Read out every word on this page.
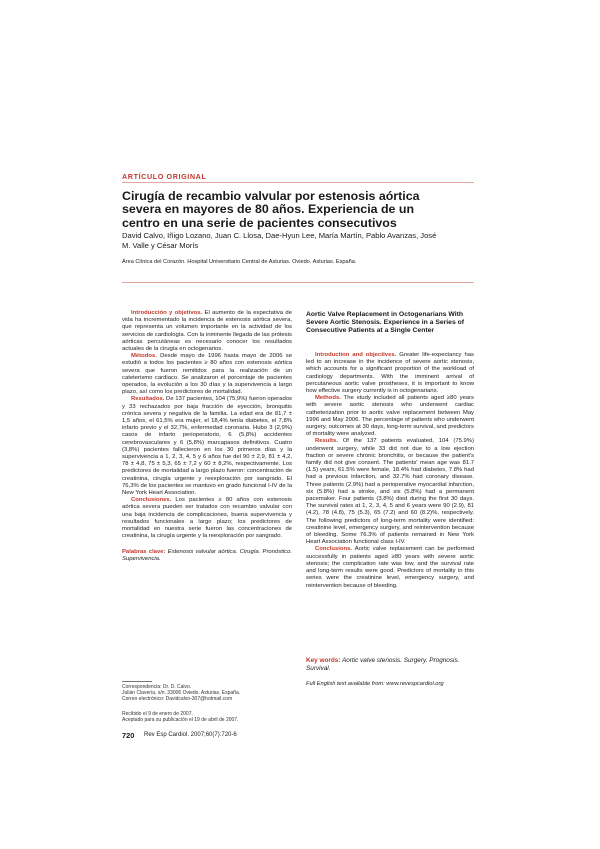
ARTÍCULO ORIGINAL
Cirugía de recambio valvular por estenosis aórtica severa en mayores de 80 años. Experiencia de un centro en una serie de pacientes consecutivos
David Calvo, Iñigo Lozano, Juan C. Llosa, Dae-Hyun Lee, María Martín, Pablo Avanzas, José M. Valle y César Morís
Área Clínica del Corazón. Hospital Universitario Central de Asturias. Oviedo. Asturias. España.

Introducción y objetivos. El aumento de la expectativa de vida ha incrementado la incidencia de estenosis aórtica severa, que representa un volumen importante en la actividad de los servicios de cardiología. Con la inminente llegada de las prótesis aórticas percutáneas es necesario conocer los resultados actuales de la cirugía en octogenarios.

Métodos. Desde mayo de 1996 hasta mayo de 2006 se estudió a todos los pacientes ≥ 80 años con estenosis aórtica severa que fueron remitidos para la realización de un cateterismo cardiaco. Se analizaron el porcentaje de pacientes operados, la evolución a los 30 días y la supervivencia a largo plazo, así como los predictores de mortalidad.

Resultados. De 137 pacientes, 104 (75,9%) fueron operados y 33 rechazados por baja fracción de eyección, bronquitis crónica severa y negativa de la familia. La edad era de 81,7 ± 1,5 años, el 61,5% era mujer, el 18,4% tenía diabetes, el 7,8% infarto previo y el 32,7%, enfermedad coronaria. Hubo 3 (2,9%) casos de infarto perioperatorio, 6 (5,8%) accidentes cerebrovasculares y 6 (5,8%) marcapasos definitivos. Cuatro (3,8%) pacientes fallecieron en los 30 primeros días y la supervivencia a 1, 2, 3, 4, 5 y 6 años fue del 90 ± 2,9, 81 ± 4,2, 78 ± 4,8, 75 ± 5,3, 65 ± 7,2 y 60 ± 8,2%, respectivamente. Los predictores de mortalidad a largo plazo fueron: concentración de creatinina, cirugía urgente y reexploración por sangrado. El 76,3% de los pacientes se mantuvo en grado funcional I-IV de la New York Heart Association.

Conclusiones. Los pacientes ≥ 80 años con estenosis aórtica severa pueden ser tratados con recambio valvular con una baja incidencia de complicaciones, buena supervivencia y resultados funcionales a largo plazo; los predictores de mortalidad en nuestra serie fueron las concentraciones de creatinina, la cirugía urgente y la reexploración por sangrado.

Palabras clave: Estenosis valvular aórtica. Cirugía. Pronóstico. Supervivencia.

Aortic Valve Replacement in Octogenarians With Severe Aortic Stenosis. Experience in a Series of Consecutive Patients at a Single Center

Introduction and objectives. Greater life-expectancy has led to an increase in the incidence of severe aortic stenosis, which accounts for a significant proportion of the workload of cardiology departments. With the imminent arrival of percutaneous aortic valve prostheses, it is important to know how effective surgery currently is in octogenarians.

Methods. The study included all patients aged ≥80 years with severe aortic stenosis who underwent cardiac catheterization prior to aortic valve replacement between May 1996 and May 2006. The percentage of patients who underwent surgery, outcomes at 30 days, long-term survival, and predictors of mortality were analyzed.

Results. Of the 137 patients evaluated, 104 (75.9%) underwent surgery, while 33 did not due to a low ejection fraction or severe chronic bronchitis, or because the patient's family did not give consent. The patients' mean age was 81.7 (1.5) years, 61.5% were female, 18.4% had diabetes, 7.8% had had a previous infarction, and 32.7% had coronary disease. Three patients (2.9%) had a perioperative myocardial infarction, six (5.8%) had a stroke, and six (5.8%) had a permanent pacemaker. Four patients (3.8%) died during the first 30 days. The survival rates at 1, 2, 3, 4, 5 and 6 years were 90 (2.9), 81 (4.2), 78 (4.8), 75 (5.3), 65 (7.2) and 60 (8.2)%, respectively. The following predictors of long-term mortality were identified: creatinine level, emergency surgery, and reintervention because of bleeding. Some 76.3% of patients remained in New York Heart Association functional class I-IV.

Conclusions. Aortic valve replacement can be performed successfully in patients aged ≥80 years with severe aortic stenosis; the complication rate was low, and the survival rate and long-term results were good. Predictors of mortality in this series were the creatinine level, emergency surgery, and reintervention because of bleeding.

Key words: Aortic valve stenosis. Surgery. Prognosis. Survival.
Full English text available from: www.revespcardiol.org

Correspondencia: Dr. D. Calvo.

Julián Clavería, s/n. 33006 Oviedo. Asturias. España.

Correo electrónico: Davidcalvo-307@hotmail.com

Recibido el 9 de enero de 2007.

Aceptado para su publicación el 19 de abril de 2007.

720 Rev Esp Cardiol. 2007;60(7):720-6
